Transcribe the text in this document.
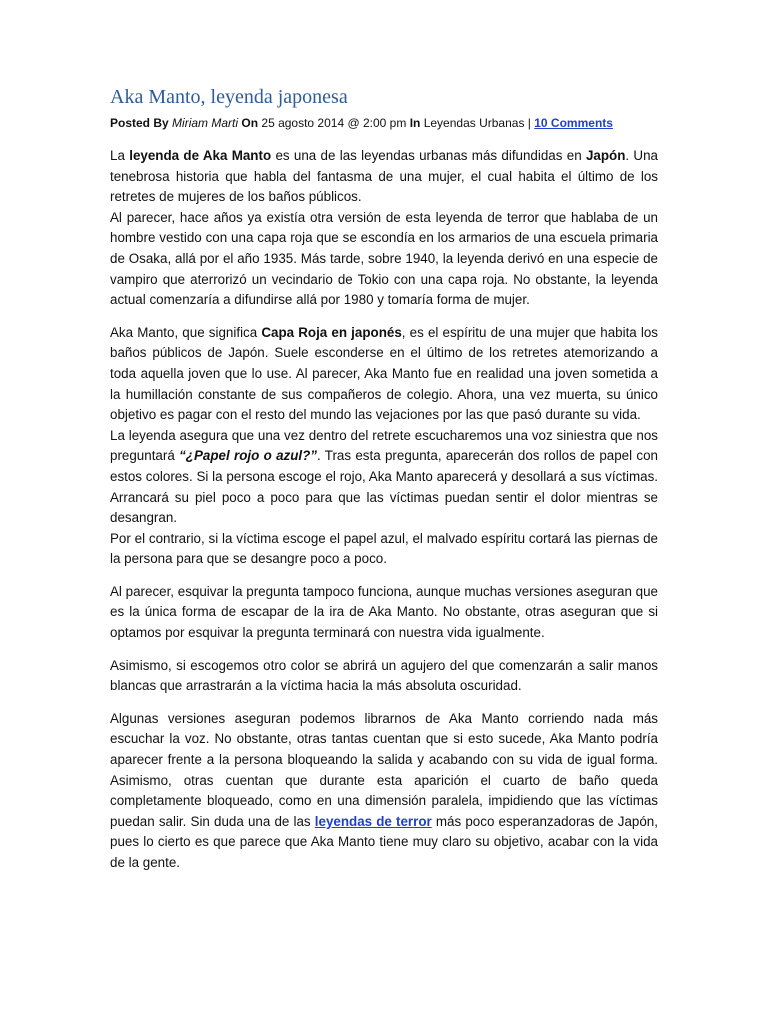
Aka Manto, leyenda japonesa
Posted By Miriam Marti On 25 agosto 2014 @ 2:00 pm In Leyendas Urbanas | 10 Comments

La leyenda de Aka Manto es una de las leyendas urbanas más difundidas en Japón. Una tenebrosa historia que habla del fantasma de una mujer, el cual habita el último de los retretes de mujeres de los baños públicos.

Al parecer, hace años ya existía otra versión de esta leyenda de terror que hablaba de un hombre vestido con una capa roja que se escondía en los armarios de una escuela primaria de Osaka, allá por el año 1935. Más tarde, sobre 1940, la leyenda derivó en una especie de vampiro que aterrorizó un vecindario de Tokio con una capa roja. No obstante, la leyenda actual comenzaría a difundirse allá por 1980 y tomaría forma de mujer.

Aka Manto, que significa Capa Roja en japonés, es el espíritu de una mujer que habita los baños públicos de Japón. Suele esconderse en el último de los retretes atemorizando a toda aquella joven que lo use. Al parecer, Aka Manto fue en realidad una joven sometida a la humillación constante de sus compañeros de colegio. Ahora, una vez muerta, su único objetivo es pagar con el resto del mundo las vejaciones por las que pasó durante su vida.

La leyenda asegura que una vez dentro del retrete escucharemos una voz siniestra que nos preguntará “¿Papel rojo o azul?”. Tras esta pregunta, aparecerán dos rollos de papel con estos colores. Si la persona escoge el rojo, Aka Manto aparecerá y desollará a sus víctimas. Arrancará su piel poco a poco para que las víctimas puedan sentir el dolor mientras se desangran.

Por el contrario, si la víctima escoge el papel azul, el malvado espíritu cortará las piernas de la persona para que se desangre poco a poco.

Al parecer, esquivar la pregunta tampoco funciona, aunque muchas versiones aseguran que es la única forma de escapar de la ira de Aka Manto. No obstante, otras aseguran que si optamos por esquivar la pregunta terminará con nuestra vida igualmente.

Asimismo, si escogemos otro color se abrirá un agujero del que comenzarán a salir manos blancas que arrastrarán a la víctima hacia la más absoluta oscuridad.

Algunas versiones aseguran podemos librarnos de Aka Manto corriendo nada más escuchar la voz. No obstante, otras tantas cuentan que si esto sucede, Aka Manto podría aparecer frente a la persona bloqueando la salida y acabando con su vida de igual forma. Asimismo, otras cuentan que durante esta aparición el cuarto de baño queda completamente bloqueado, como en una dimensión paralela, impidiendo que las víctimas puedan salir. Sin duda una de las leyendas de terror más poco esperanzadoras de Japón, pues lo cierto es que parece que Aka Manto tiene muy claro su objetivo, acabar con la vida de la gente.
